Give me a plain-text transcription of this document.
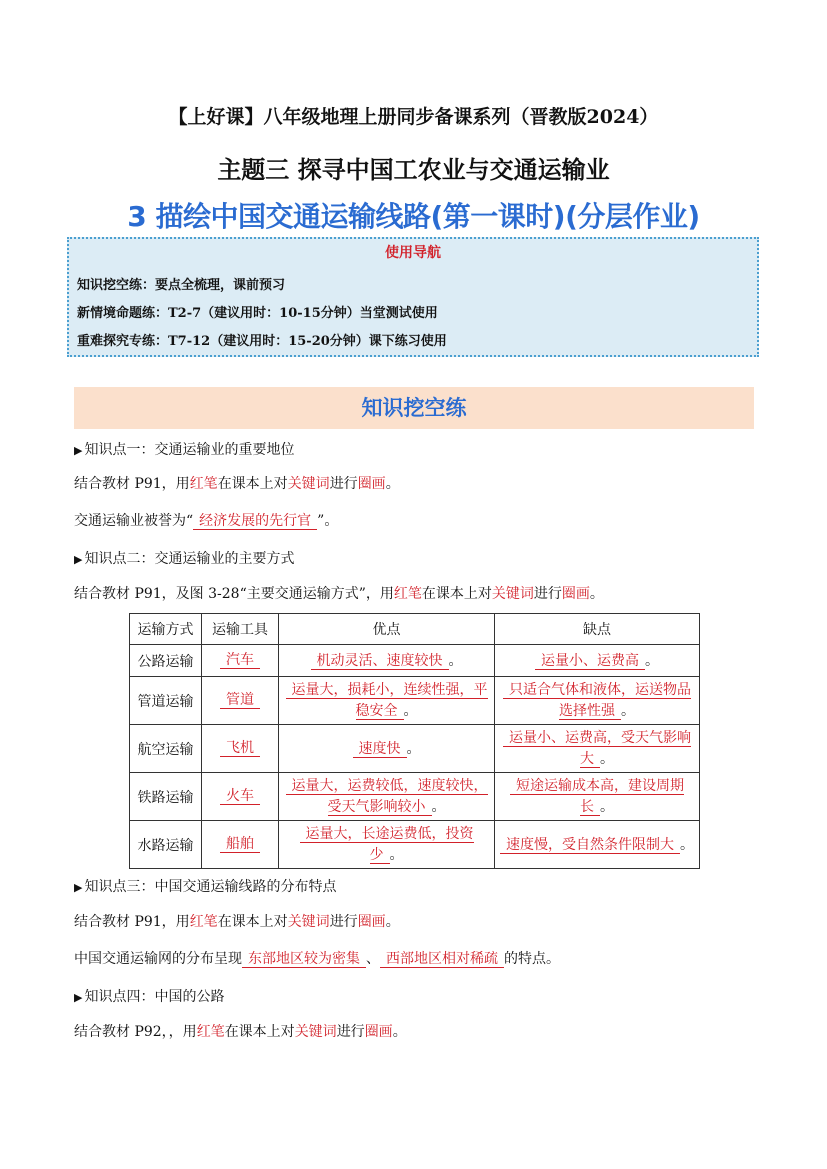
【上好课】八年级地理上册同步备课系列（晋教版2024）
主题三 探寻中国工农业与交通运输业
3 描绘中国交通运输线路(第一课时)(分层作业)
使用导航
知识挖空练：要点全梳理，课前预习
新情境命题练：T2-7（建议用时：10-15分钟）当堂测试使用
重难探究专练：T7-12（建议用时：15-20分钟）课下练习使用
知识挖空练
▶ 知识点一：交通运输业的重要地位
结合教材 P91，用红笔在课本上对关键词进行圈画。
交通运输业被誉为“ 经济发展的先行官 ”。
▶ 知识点二：交通运输业的主要方式
结合教材 P91，及图 3-28“主要交通运输方式”，用红笔在课本上对关键词进行圈画。
运输方式	运输工具	优点	缺点
公路运输	汽车	机动灵活、速度较快 。	运量小、运费高 。
管道运输	管道	运量大，损耗小，连续性强，平稳安全 。	只适合气体和液体，运送物品选择性强 。
航空运输	飞机	速度快 。	运量小、运费高，受天气影响大 。
铁路运输	火车	运量大，运费较低，速度较快，受天气影响较小 。	短途运输成本高，建设周期长 。
水路运输	船舶	运量大，长途运费低，投资少 。	速度慢，受自然条件限制大 。
▶ 知识点三：中国交通运输线路的分布特点
结合教材 P91，用红笔在课本上对关键词进行圈画。
中国交通运输网的分布呈现 东部地区较为密集 、 西部地区相对稀疏 的特点。
▶ 知识点四：中国的公路
结合教材 P92，，用红笔在课本上对关键词进行圈画。
